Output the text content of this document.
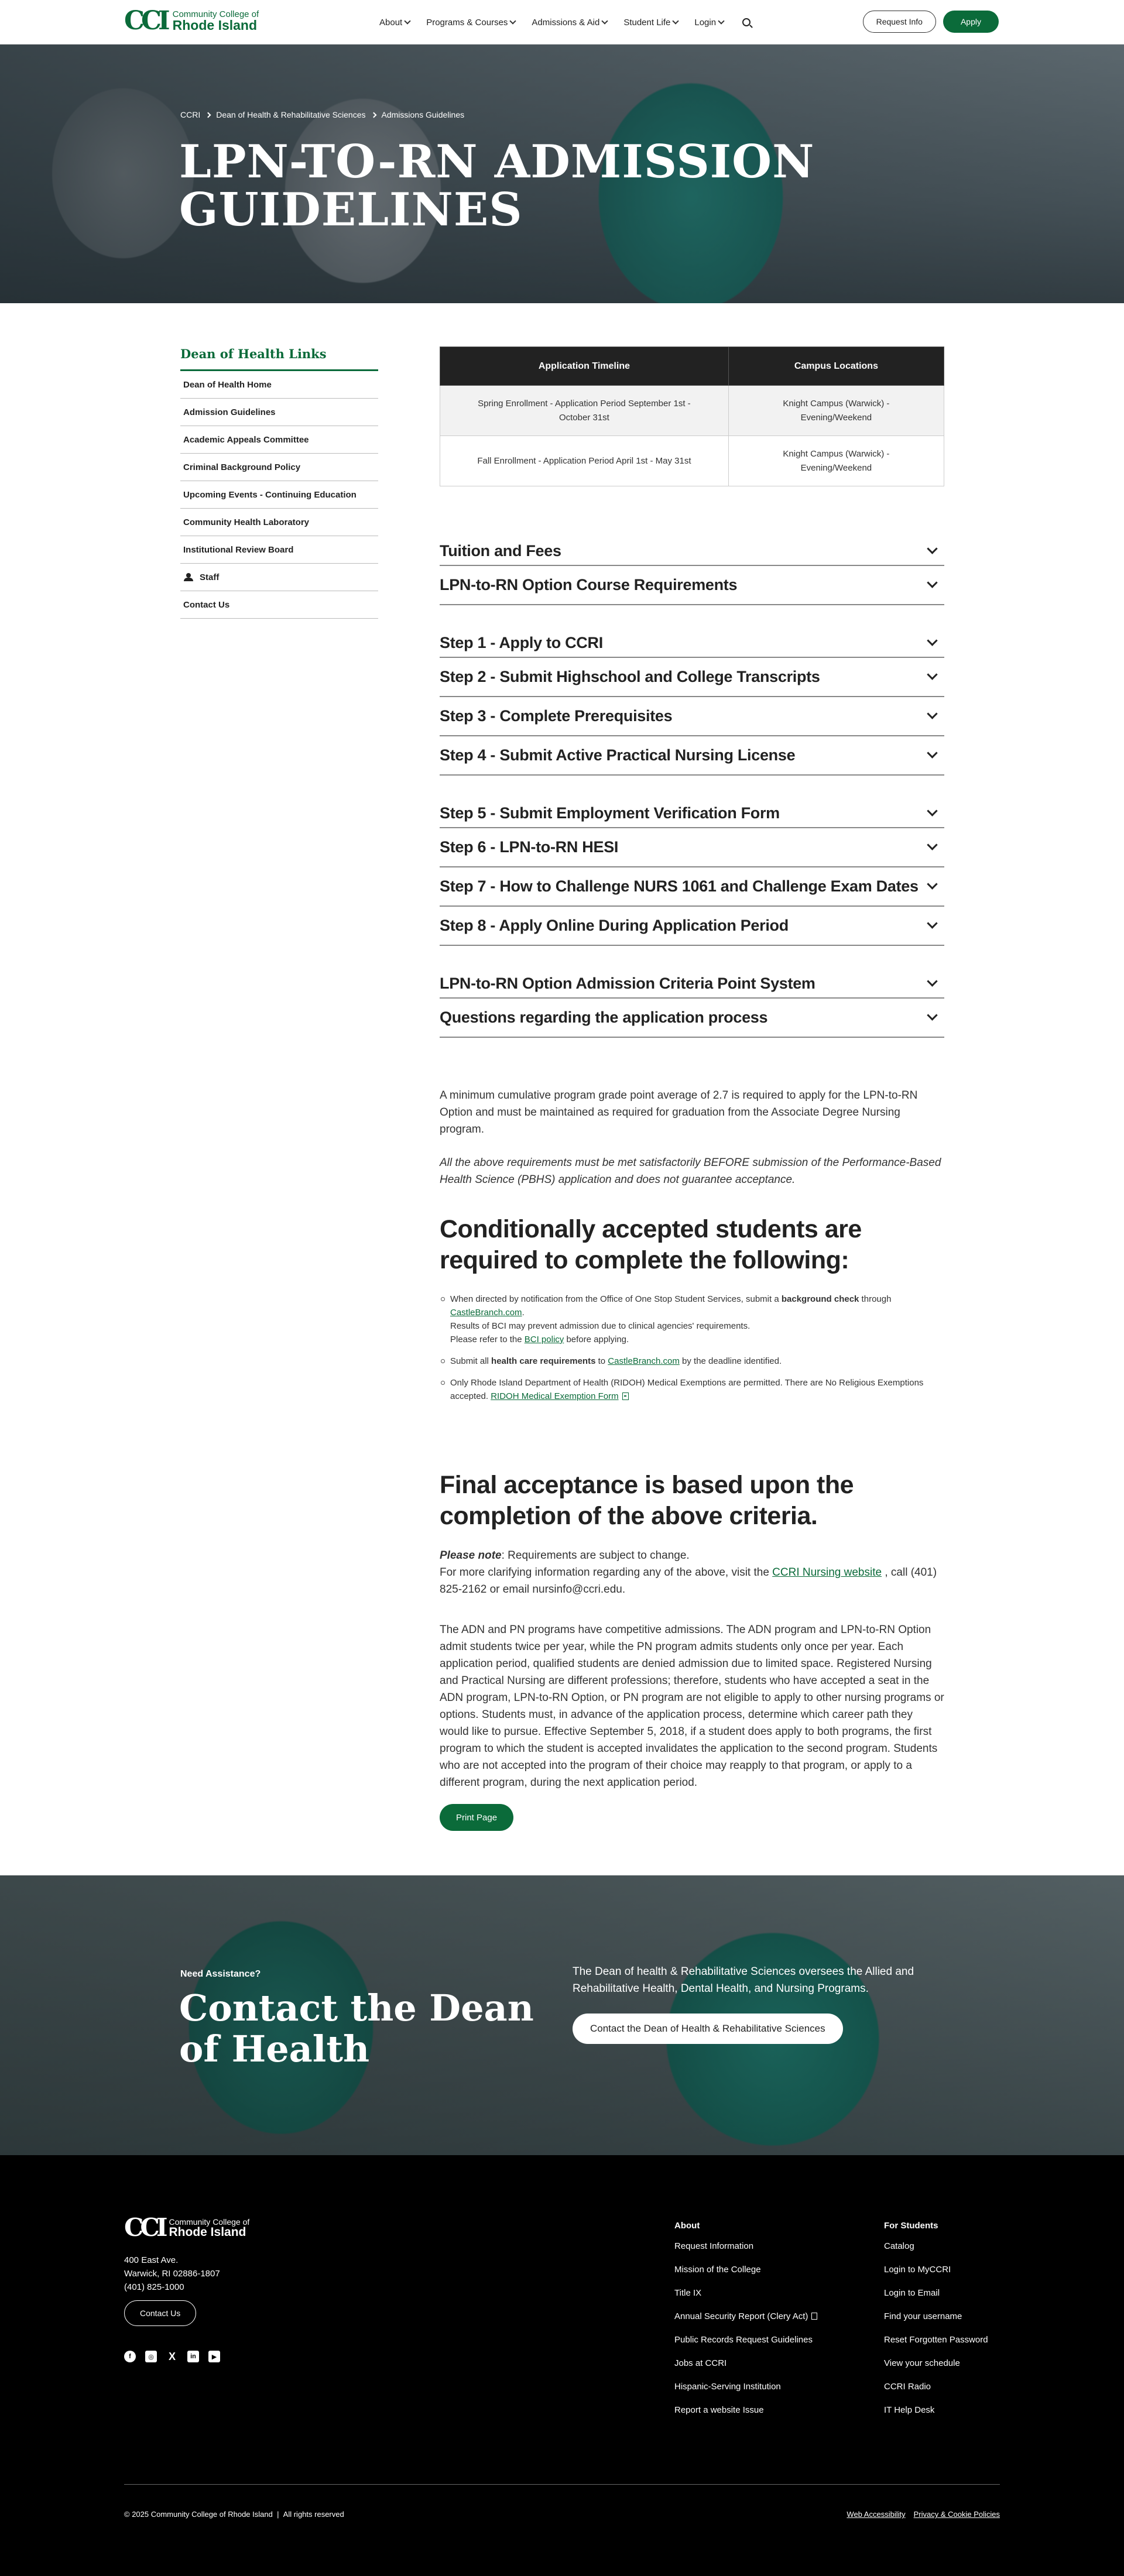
CCI Community College of
Rhode Island	About	Programs & Courses	Admissions & Aid	Student Life	Login	Request Info	Apply
CCRI Dean of Health & Rehabilitative Sciences Admissions Guidelines
LPN-TO-RN ADMISSION
GUIDELINES
Dean of Health Links
Dean of Health Home
Admission Guidelines
Academic Appeals Committee
Criminal Background Policy
Upcoming Events - Continuing Education
Community Health Laboratory
Institutional Review Board
Staff
Contact Us
Application Timeline	Campus Locations
Spring Enrollment - Application Period September 1st - October 31st	Knight Campus (Warwick) - Evening/Weekend
Fall Enrollment - Application Period April 1st - May 31st	Knight Campus (Warwick) - Evening/Weekend
Tuition and Fees
LPN-to-RN Option Course Requirements
Step 1 - Apply to CCRI
Step 2 - Submit Highschool and College Transcripts
Step 3 - Complete Prerequisites
Step 4 - Submit Active Practical Nursing License
Step 5 - Submit Employment Verification Form
Step 6 - LPN-to-RN HESI
Step 7 - How to Challenge NURS 1061 and Challenge Exam Dates
Step 8 - Apply Online During Application Period
LPN-to-RN Option Admission Criteria Point System
Questions regarding the application process

A minimum cumulative program grade point average of 2.7 is required to apply for the LPN-to-RN Option and must be maintained as required for graduation from the Associate Degree Nursing program.

All the above requirements must be met satisfactorily BEFORE submission of the Performance-Based Health Science (PBHS) application and does not guarantee acceptance.

Conditionally accepted students are required to complete the following:
When directed by notification from the Office of One Stop Student Services, submit a background check through CastleBranch.com.
Results of BCI may prevent admission due to clinical agencies' requirements.
Please refer to the BCI policy before applying.
Submit all health care requirements to CastleBranch.com by the deadline identified.
Only Rhode Island Department of Health (RIDOH) Medical Exemptions are permitted. There are No Religious Exemptions accepted. RIDOH Medical Exemption Form
Final acceptance is based upon the completion of the above criteria.

Please note: Requirements are subject to change.
For more clarifying information regarding any of the above, visit the CCRI Nursing website , call (401) 825-2162 or email nursinfo@ccri.edu.

The ADN and PN programs have competitive admissions. The ADN program and LPN-to-RN Option admit students twice per year, while the PN program admits students only once per year. Each application period, qualified students are denied admission due to limited space. Registered Nursing and Practical Nursing are different professions; therefore, students who have accepted a seat in the ADN program, LPN-to-RN Option, or PN program are not eligible to apply to other nursing programs or options. Students must, in advance of the application process, determine which career path they would like to pursue. Effective September 5, 2018, if a student does apply to both programs, the first program to which the student is accepted invalidates the application to the second program. Students who are not accepted into the program of their choice may reapply to that program, or apply to a different program, during the next application period.

Print Page
Need Assistance?
Contact the Dean of Health
The Dean of health & Rehabilitative Sciences oversees the Allied and Rehabilitative Health, Dental Health, and Nursing Programs.
Contact the Dean of Health & Rehabilitative Sciences
CCI Community College of
Rhode Island
400 East Ave.
Warwick, RI 02886-1807
(401) 825-1000
Contact Us
f	◎ X	in	▶
About
Request Information
Mission of the College
Title IX
Annual Security Report (Clery Act)
Public Records Request Guidelines
Jobs at CCRI
Hispanic-Serving Institution
Report a website Issue
For Students
Catalog
Login to MyCCRI
Login to Email
Find your username
Reset Forgotten Password
View your schedule
CCRI Radio
IT Help Desk
© 2025 Community College of Rhode Island  |  All rights reserved	Web Accessibility Privacy & Cookie Policies
